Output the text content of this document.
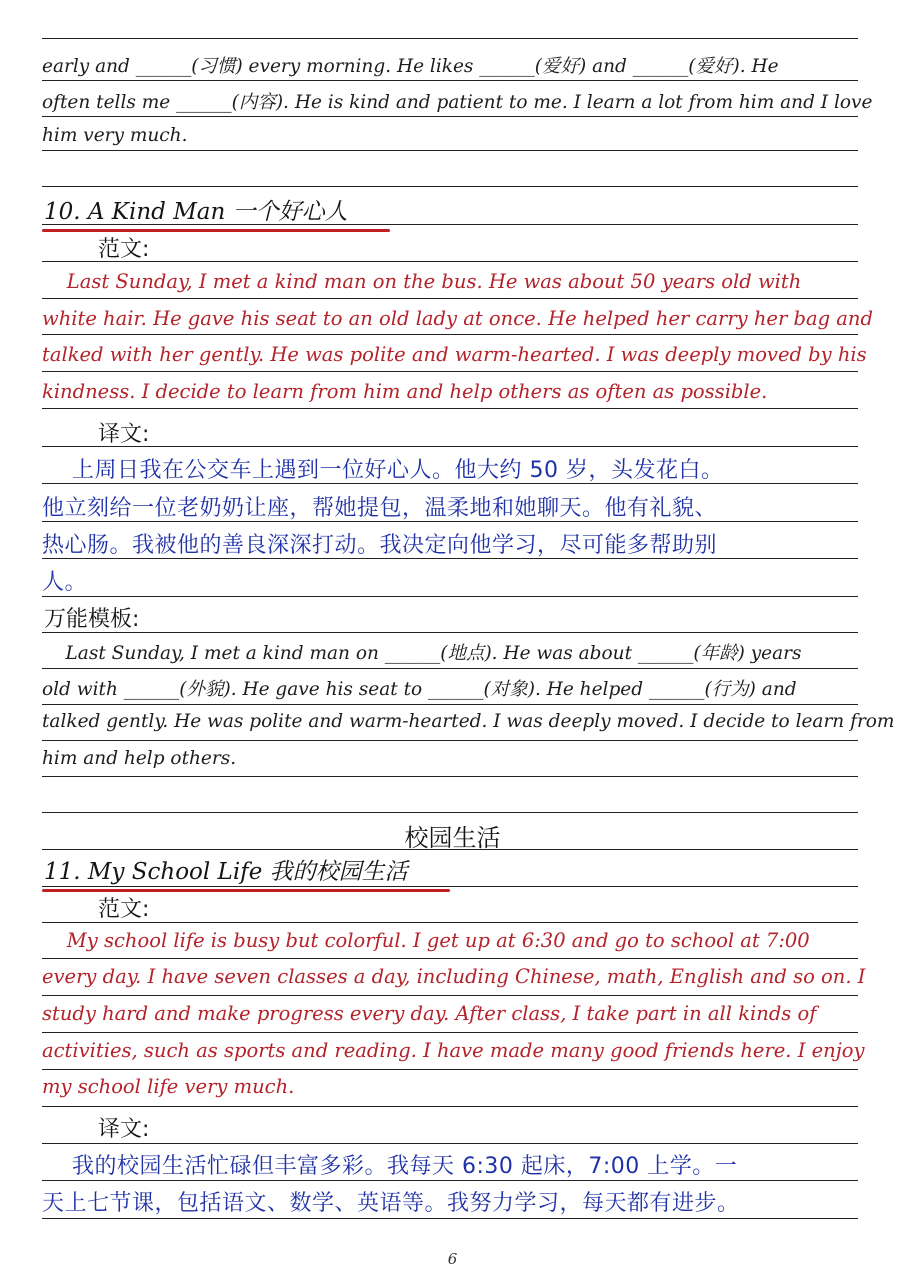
early and ______(习惯) every morning. He likes ______(爱好) and ______(爱好). He
often tells me ______(内容). He is kind and patient to me. I learn a lot from him and I love
him very much.
10. A Kind Man 一个好心人
范文:
Last Sunday, I met a kind man on the bus. He was about 50 years old with
white hair. He gave his seat to an old lady at once. He helped her carry her bag and
talked with her gently. He was polite and warm-hearted. I was deeply moved by his
kindness. I decide to learn from him and help others as often as possible.
译文:
上周日我在公交车上遇到一位好心人。他大约 50 岁，头发花白。
他立刻给一位老奶奶让座，帮她提包，温柔地和她聊天。他有礼貌、
热心肠。我被他的善良深深打动。我决定向他学习，尽可能多帮助别
人。
万能模板:
Last Sunday, I met a kind man on ______(地点). He was about ______(年龄) years
old with ______(外貌). He gave his seat to ______(对象). He helped ______(行为) and
talked gently. He was polite and warm-hearted. I was deeply moved. I decide to learn from
him and help others.
校园生活
11. My School Life 我的校园生活
范文:
My school life is busy but colorful. I get up at 6:30 and go to school at 7:00
every day. I have seven classes a day, including Chinese, math, English and so on. I
study hard and make progress every day. After class, I take part in all kinds of
activities, such as sports and reading. I have made many good friends here. I enjoy
my school life very much.
译文:
我的校园生活忙碌但丰富多彩。我每天 6:30 起床，7:00 上学。一
天上七节课，包括语文、数学、英语等。我努力学习，每天都有进步。
6
